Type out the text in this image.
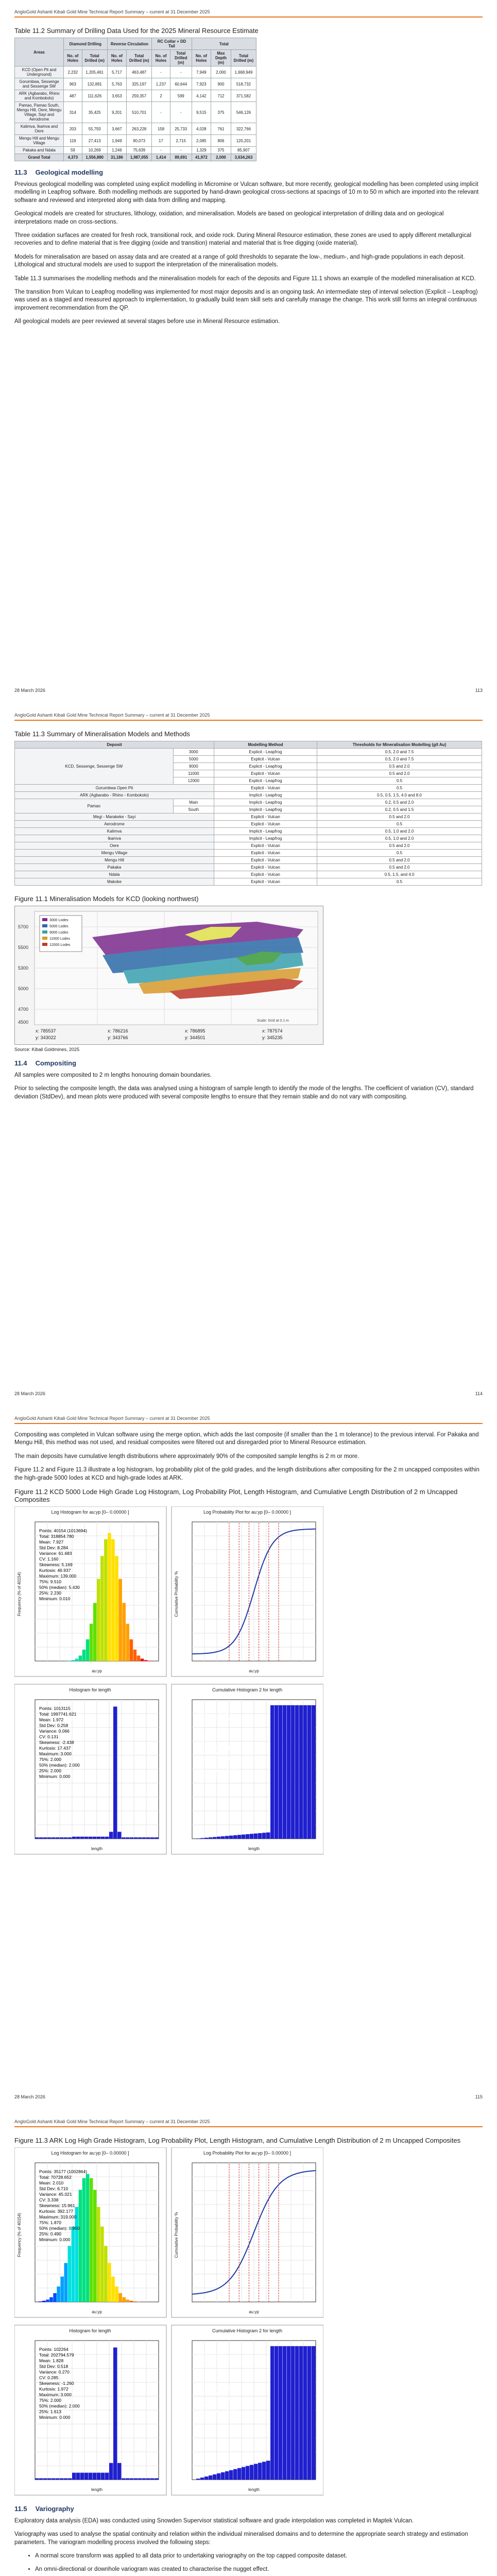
AngloGold Ashanti Kibali Gold Mine Technical Report Summary – current at 31 December 2025
Table 11.2 Summary of Drilling Data Used for the 2025 Mineral Resource Estimate
Areas	Diamond Drilling		Reverse Circulation		RC Collar + DD Tail		Total		
	No. of Holes	Total Drilled (m)	No. of Holes	Total Drilled (m)	No. of Holes	Total Drilled (m)	No. of Holes	Max Depth (m)	Total Drilled (m)
KCD (Open Pit and Underground)	2,232	1,205,461	5,717	463,487	-	-	7,949	2,000	1,668,949
Gorumbwa, Sessenge and Sessenge SW	963	132,891	5,763	325,197	1,237	60,644	7,923	900	518,732
ARK (Agbarabo, Rhino and Kombokolo)	487	111,626	3,653	259,357	2	599	4,142	712	371,582
Pamao, Pamao South, Mengu Hill, Oere, Mengu Village, Sayi and Aerodrome	314	35,425	9,201	510,701	-	-	9,515	375	546,126
Kalimva, Ikamva and Oere	203	55,793	3,667	263,228	158	25,733	4,028	761	322,766
Mengu Hill and Mengu Village	119	27,413	1,949	90,073	17	2,715	2,085	806	120,201
Pakaka and Ndala	59	10,269	1,246	75,639	-	-	1,329	375	85,907
Grand Total	4,373	1,556,880	31,186	1,987,055	1,414	89,691	41,972	2,000	3,634,263
11.3 Geological modelling

Previous geological modelling was completed using explicit modelling in Micromine or Vulcan software, but more recently, geological modelling has been completed using implicit modelling in Leapfrog software. Both modelling methods are supported by hand-drawn geological cross-sections at spacings of 10 m to 50 m which are imported into the relevant software and reviewed and interpreted along with data from drilling and mapping.

Geological models are created for structures, lithology, oxidation, and mineralisation. Models are based on geological interpretation of drilling data and on geological interpretations made on cross-sections.

Three oxidation surfaces are created for fresh rock, transitional rock, and oxide rock. During Mineral Resource estimation, these zones are used to apply different metallurgical recoveries and to define material that is free digging (oxide and transition) material and material that is free digging (oxide material).

Models for mineralisation are based on assay data and are created at a range of gold thresholds to separate the low-, medium-, and high-grade populations in each deposit. Lithological and structural models are used to support the interpretation of the mineralisation models.

Table 11.3 summarises the modelling methods and the mineralisation models for each of the deposits and Figure 11.1 shows an example of the modelled mineralisation at KCD.

The transition from Vulcan to Leapfrog modelling was implemented for most major deposits and is an ongoing task. An intermediate step of interval selection (Explicit – Leapfrog) was used as a staged and measured approach to implementation, to gradually build team skill sets and carefully manage the change. This work still forms an integral continuous improvement recommendation from the QP.

All geological models are peer reviewed at several stages before use in Mineral Resource estimation.

28 March 2026	113
AngloGold Ashanti Kibali Gold Mine Technical Report Summary – current at 31 December 2025
Table 11.3 Summary of Mineralisation Models and Methods
Deposit		Modelling Method	Thresholds for Mineralisation Modelling (g/t Au)
KCD, Sessenge, Sessenge SW	3000	Explicit - Leapfrog	0.5, 2.0 and 7.5
	5000	Explicit - Vulcan	0.5, 2.0 and 7.5
	9000	Explicit - Leapfrog	0.5 and 2.0
	11000	Explicit - Vulcan	0.5 and 2.0
	12000	Explicit - Leapfrog	0.5
Gorumbwa Open Pit		Explicit - Vulcan	0.5
ARK (Agbarabo - Rhino - Kombokolo)		Implicit - Leapfrog	0.5, 0.5, 1.5, 4.0 and 8.0
Pamao	Main	Implicit - Leapfrog	0.2, 0.5 and 2.0
	South	Implicit - Leapfrog	0.2, 0.5 and 1.5
Megi - Marakeke - Sayi		Explicit - Vulcan	0.5 and 2.0
Aerodrome		Explicit - Vulcan	0.5
Kalimva		Implicit - Leapfrog	0.5, 1.0 and 2.0
Ikamva		Implicit - Leapfrog	0.5, 1.0 and 2.0
Oere		Explicit - Vulcan	0.5 and 2.0
Mengu Village		Explicit - Vulcan	0.5
Mengu Hill		Explicit - Vulcan	0.5 and 2.0
Pakaka		Explicit - Vulcan	0.5 and 2.0
Ndala		Explicit - Vulcan	0.5, 1.5, and 4.0
Makoke		Explicit - Vulcan	0.5
Figure 11.1 Mineralisation Models for KCD (looking northwest)
5700
5500
5300
5000
4700
4500
3000 Lodes
5000 Lodes
9000 Lodes
11000 Lodes
12000 Lodes
Scale: Grid at 0.1 m
x: 785537
y: 343022
x: 786216
y: 343766
x: 786895
y: 344501
x: 787574
y: 345235
Source: Kibali Goldmines, 2025
11.4 Compositing

All samples were composited to 2 m lengths honouring domain boundaries.

Prior to selecting the composite length, the data was analysed using a histogram of sample length to identify the mode of the lengths. The coefficient of variation (CV), standard deviation (StdDev), and mean plots were produced with several composite lengths to ensure that they remain stable and do not vary with compositing.

28 March 2026	114
AngloGold Ashanti Kibali Gold Mine Technical Report Summary – current at 31 December 2025

Compositing was completed in Vulcan software using the merge option, which adds the last composite (if smaller than the 1 m tolerance) to the previous interval. For Pakaka and Mengu Hill, this method was not used, and residual composites were filtered out and disregarded prior to Mineral Resource estimation.

The main deposits have cumulative length distributions where approximately 90% of the composited sample lengths is 2 m or more.

Figure 11.2 and Figure 11.3 illustrate a log histogram, log probability plot of the gold grades, and the length distributions after compositing for the 2 m uncapped composites within the high-grade 5000 lodes at KCD and high-grade lodes at ARK.

Figure 11.2 KCD 5000 Lode High Grade Log Histogram, Log Probability Plot, Length Histogram, and Cumulative Length Distribution of 2 m Uncapped Composites
Log Histogram for au:yp [0– 0.00000 ]
au:yp
Points: 40154 (1013694) Total: 318854.780 Mean: 7.927 Std Dev: 8.284 Variance: 61.683 CV: 1.160 Skewness: 5.169 Kurtosis: 46.937 Maximum: 139.000 75%: 9.510 50% (median): 5.430 25%: 2.230 Minimum: 0.010
Frequency (% of 40154)
Log Probability Plot for au:yp [0– 0.00000 ]
au:yp
Cumulative Probability %
Histogram for length
length
Points: 1013115 Total: 1997741.621 Mean: 1.972 Std Dev: 0.258 Variance: 0.066 CV: 0.131 Skewness: -2.438 Kurtosis: 17.437 Maximum: 3.000 75%: 2.000 50% (median): 2.000 25%: 2.000 Minimum: 0.000
Cumulative Histogram 2 for length
length
Points: 1013115 Total: 1997741.621 Mean: 1.972 Std Dev: 0.258 Variance: 0.066 CV: 0.131 Skewness: -2.438 Kurtosis: 17.437 Maximum: 3.000 75%: 2.000 50% (median): 2.000 25%: 2.000 Minimum: 0.000
28 March 2026	115
AngloGold Ashanti Kibali Gold Mine Technical Report Summary – current at 31 December 2025
Figure 11.3 ARK Log High Grade Histogram, Log Probability Plot, Length Histogram, and Cumulative Length Distribution of 2 m Uncapped Composites
Log Histogram for au:yp [0– 0.00000 ]
au:yp
Points: 35177 (1002864) Total: 70728.652 Mean: 2.010 Std Dev: 6.710 Variance: 45.021 CV: 3.338 Skewness: 15.961 Kurtosis: 392.177 Maximum: 319.000 75%: 1.870 50% (median): 0.950 25%: 0.490 Minimum: 0.000
Frequency (% of 40154)
Log Probability Plot for au:yp [0– 0.00000 ]
au:yp
Cumulative Probability %
Histogram for length
length
Points: 102264 Total: 202794.579 Mean: 1.828 Std Dev: 0.518 Variance: 0.270 CV: 0.285 Skewness: -1.260 Kurtosis: 1.972 Maximum: 3.000 75%: 2.000 50% (median): 2.000 25%: 1.613 Minimum: 0.000
Cumulative Histogram 2 for length
length
Points: 102264 Total: 202794.579 Mean: 1.828 Std Dev: 0.518 Variance: 0.270 CV: 0.285 Skewness: -1.260 Kurtosis: 1.972 Maximum: 3.000 75%: 2.000 50% (median): 2.000 25%: 1.613 Minimum: 0.000
11.5 Variography

Exploratory data analysis (EDA) was conducted using Snowden Supervisor statistical software and grade interpolation was completed in Maptek Vulcan.

Variography was used to analyse the spatial continuity and relation within the individual mineralised domains and to determine the appropriate search strategy and estimation parameters. The variogram modelling process involved the following steps:

• A normal score transform was applied to all data prior to undertaking variography on the top capped composite dataset.
• An omni-directional or downhole variogram was created to characterise the nugget effect.
